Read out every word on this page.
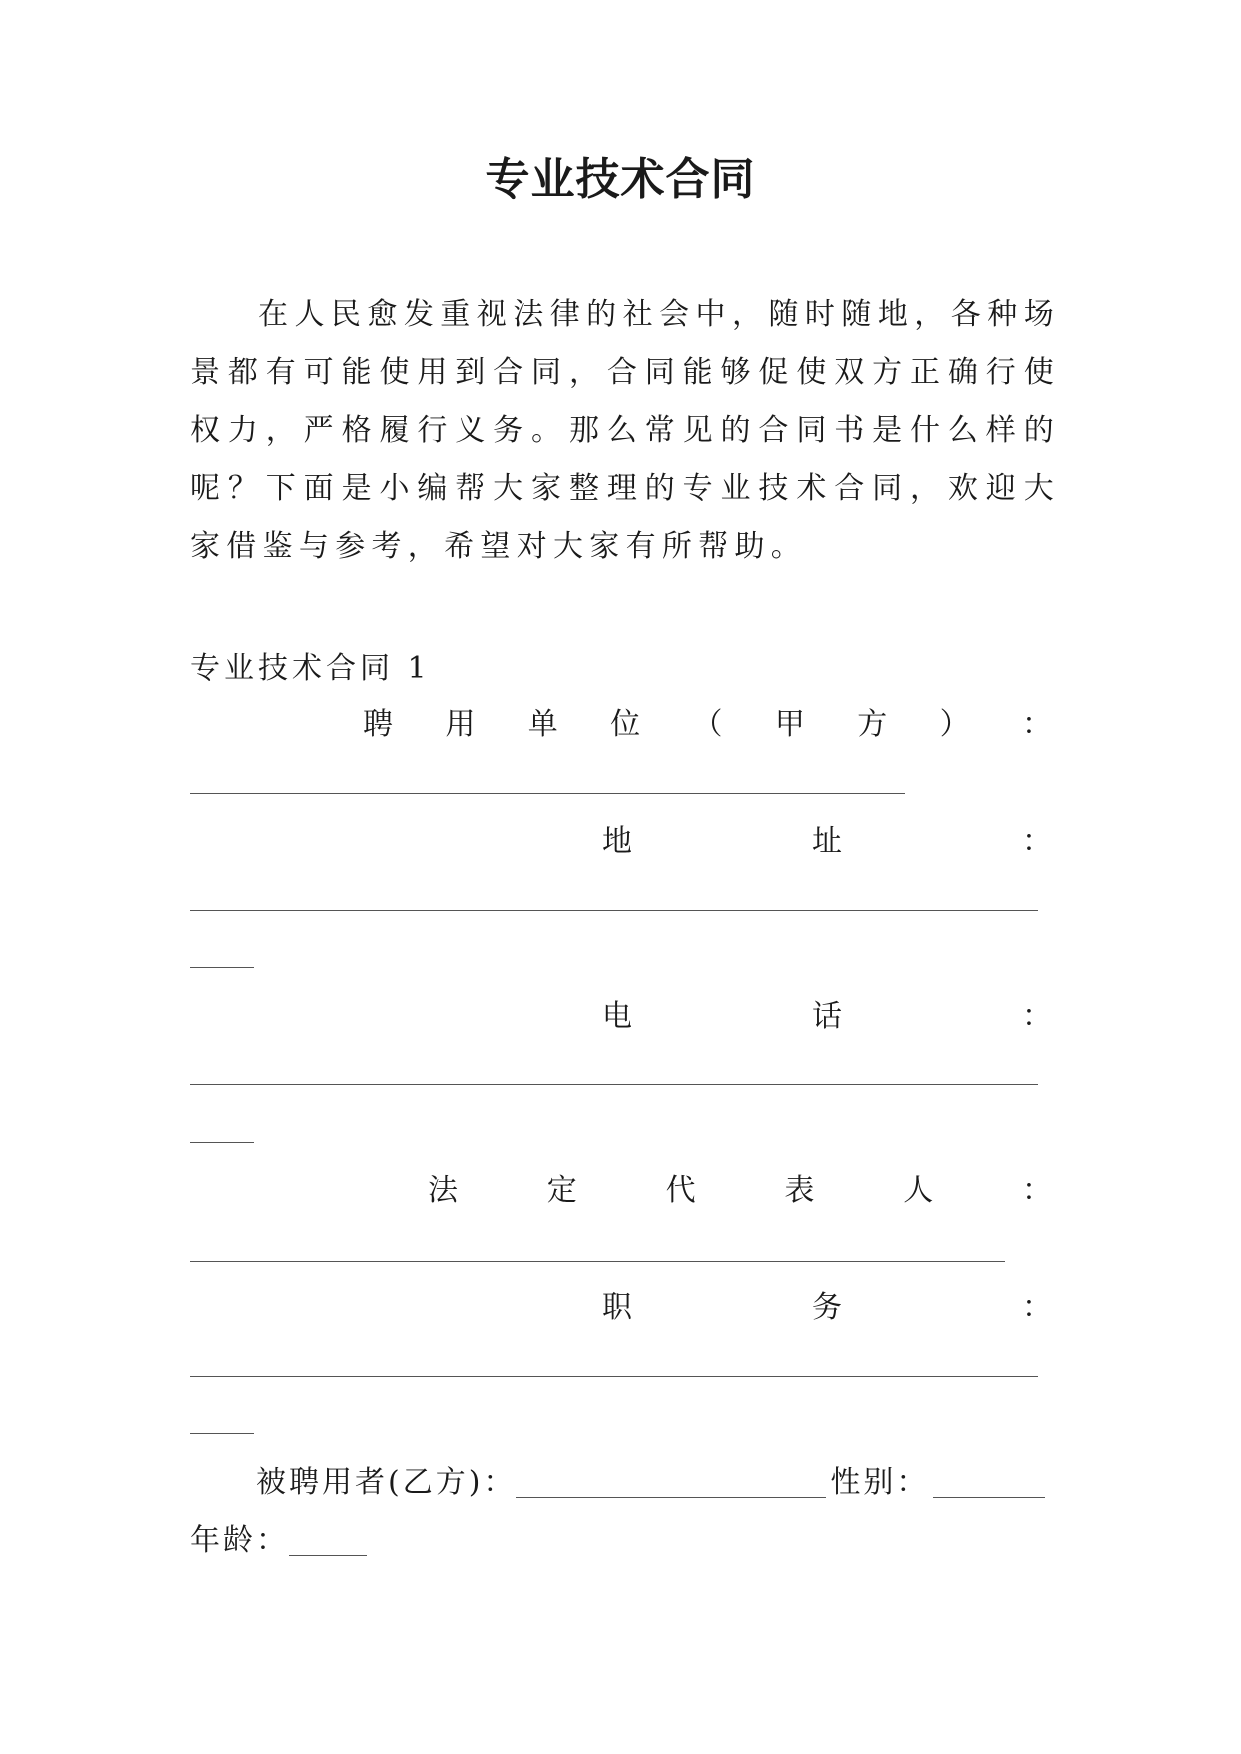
专业技术合同

在人民愈发重视法律的社会中，随时随地，各种场景都有可能使用到合同，合同能够促使双方正确行使权力，严格履行义务。那么常见的合同书是什么样的呢？下面是小编帮大家整理的专业技术合同，欢迎大家借鉴与参考，希望对大家有所帮助。

专业技术合同 1
聘 用 单 位 （ 甲 方 ） ：
地	址	：
电	话	：
法	定	代	表	人	：
职	务	：
被聘用者(乙方)：	性别：
年龄：
